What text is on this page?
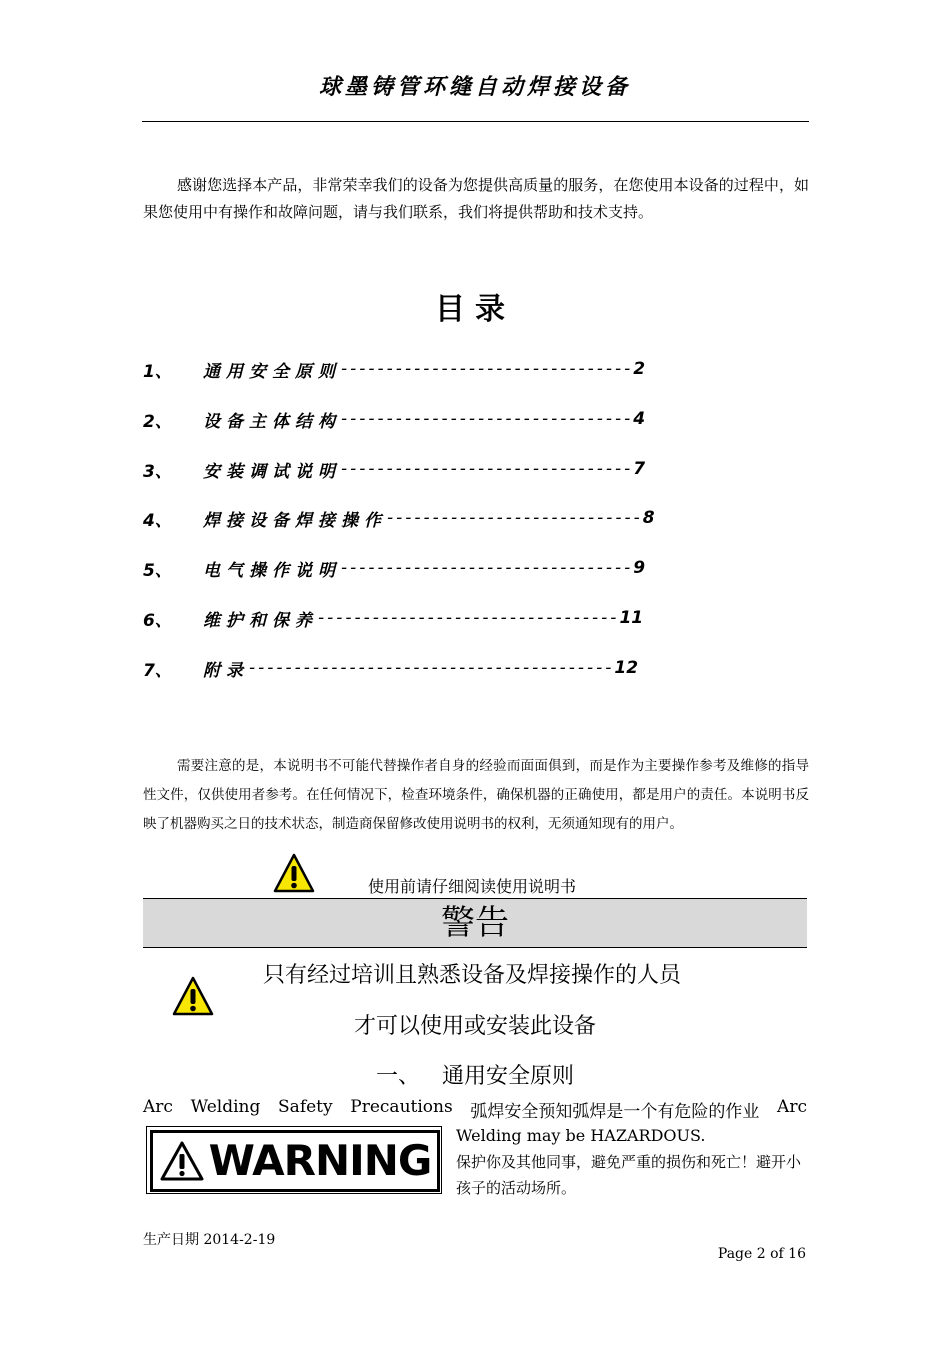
球墨铸管环缝自动焊接设备
感谢您选择本产品，非常荣幸我们的设备为您提供高质量的服务，在您使用本设备的过程中，如果您使用中有操作和故障问题，请与我们联系，我们将提供帮助和技术支持。
目录
1、	通用安全原则 -------------------------------- 2
2、	设备主体结构 -------------------------------- 4
3、	安装调试说明 -------------------------------- 7
4、	焊接设备焊接操作 ---------------------------- 8
5、	电气操作说明 -------------------------------- 9
6、	维护和保养 --------------------------------- 11
7、	附录 ---------------------------------------- 12
需要注意的是，本说明书不可能代替操作者自身的经验而面面俱到，而是作为主要操作参考及维修的指导性文件，仅供使用者参考。在任何情况下，检查环境条件，确保机器的正确使用，都是用户的责任。本说明书反映了机器购买之日的技术状态，制造商保留修改使用说明书的权利，无须通知现有的用户。
使用前请仔细阅读使用说明书
警告
只有经过培训且熟悉设备及焊接操作的人员
才可以使用或安装此设备
一、 通用安全原则
Arc Welding Safety Precautions 弧焊安全预知弧焊是一个有危险的作业 Arc
WARNING
Welding may be HAZARDOUS.
保护你及其他同事，避免严重的损伤和死亡！避开小孩子的活动场所。
生产日期 2014-2-19
Page 2 of 16
